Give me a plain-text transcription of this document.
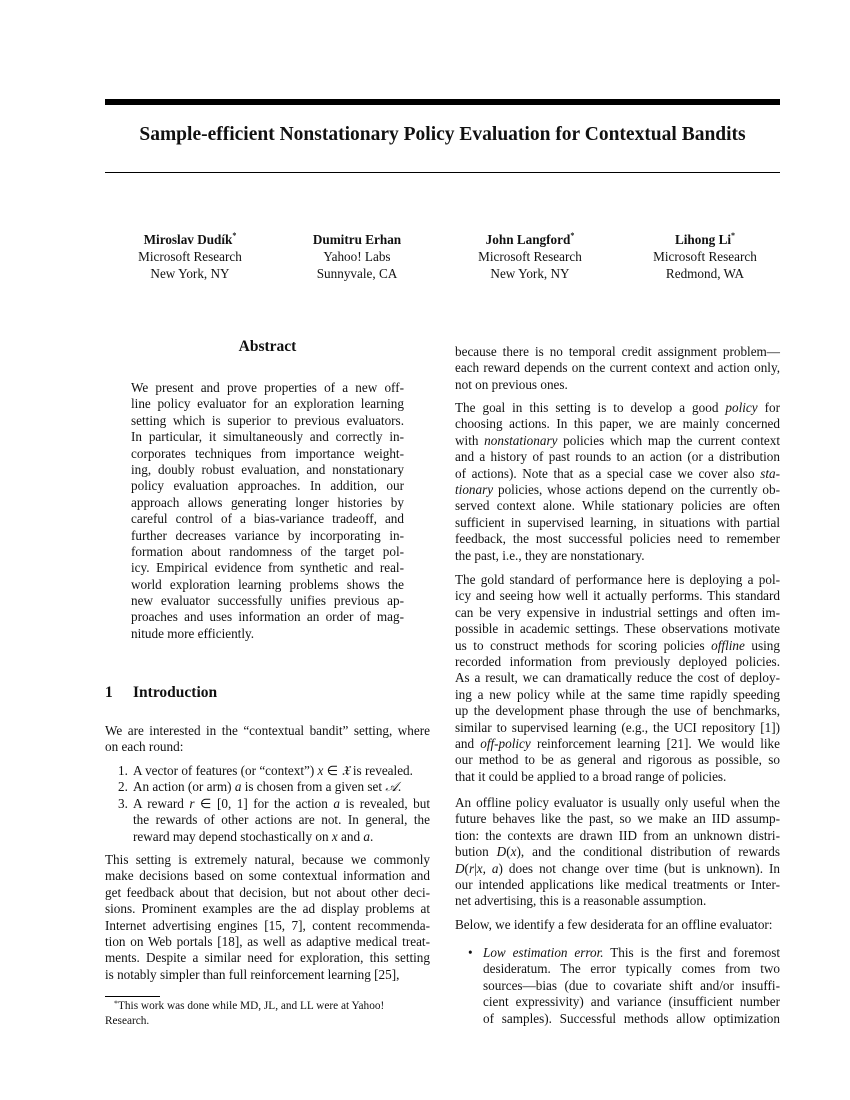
Sample-efficient Nonstationary Policy Evaluation for Contextual Bandits
Miroslav Dudík*
Microsoft Research
New York, NY
Dumitru Erhan
Yahoo! Labs
Sunnyvale, CA
John Langford*
Microsoft Research
New York, NY
Lihong Li*
Microsoft Research
Redmond, WA
Abstract
We present and prove properties of a new off-
line policy evaluator for an exploration learning
setting which is superior to previous evaluators.
In particular, it simultaneously and correctly in-
corporates techniques from importance weight-
ing, doubly robust evaluation, and nonstationary
policy evaluation approaches. In addition, our
approach allows generating longer histories by
careful control of a bias-variance tradeoff, and
further decreases variance by incorporating in-
formation about randomness of the target pol-
icy. Empirical evidence from synthetic and real-
world exploration learning problems shows the
new evaluator successfully unifies previous ap-
proaches and uses information an order of mag-
nitude more efficiently.
1 Introduction
We are interested in the “contextual bandit” setting, where
on each round:
1. A vector of features (or “context”) x ∈ 𝔛 is revealed.
2. An action (or arm) a is chosen from a given set 𝒜.
3. A reward r ∈ [0, 1] for the action a is revealed, but
the rewards of other actions are not. In general, the
reward may depend stochastically on x and a.
This setting is extremely natural, because we commonly
make decisions based on some contextual information and
get feedback about that decision, but not about other deci-
sions. Prominent examples are the ad display problems at
Internet advertising engines [15, 7], content recommenda-
tion on Web portals [18], as well as adaptive medical treat-
ments. Despite a similar need for exploration, this setting
is notably simpler than full reinforcement learning [25],
*This work was done while MD, JL, and LL were at Yahoo!
Research.
because there is no temporal credit assignment problem—
each reward depends on the current context and action only,
not on previous ones.
The goal in this setting is to develop a good policy for
choosing actions. In this paper, we are mainly concerned
with nonstationary policies which map the current context
and a history of past rounds to an action (or a distribution
of actions). Note that as a special case we cover also sta-
tionary policies, whose actions depend on the currently ob-
served context alone. While stationary policies are often
sufficient in supervised learning, in situations with partial
feedback, the most successful policies need to remember
the past, i.e., they are nonstationary.
The gold standard of performance here is deploying a pol-
icy and seeing how well it actually performs. This standard
can be very expensive in industrial settings and often im-
possible in academic settings. These observations motivate
us to construct methods for scoring policies offline using
recorded information from previously deployed policies.
As a result, we can dramatically reduce the cost of deploy-
ing a new policy while at the same time rapidly speeding
up the development phase through the use of benchmarks,
similar to supervised learning (e.g., the UCI repository [1])
and off-policy reinforcement learning [21]. We would like
our method to be as general and rigorous as possible, so
that it could be applied to a broad range of policies.
An offline policy evaluator is usually only useful when the
future behaves like the past, so we make an IID assump-
tion: the contexts are drawn IID from an unknown distri-
bution D(x), and the conditional distribution of rewards
D(r|x, a) does not change over time (but is unknown). In
our intended applications like medical treatments or Inter-
net advertising, this is a reasonable assumption.
Below, we identify a few desiderata for an offline evaluator:
• Low estimation error. This is the first and foremost
desideratum. The error typically comes from two
sources—bias (due to covariate shift and/or insuffi-
cient expressivity) and variance (insufficient number
of samples). Successful methods allow optimization
